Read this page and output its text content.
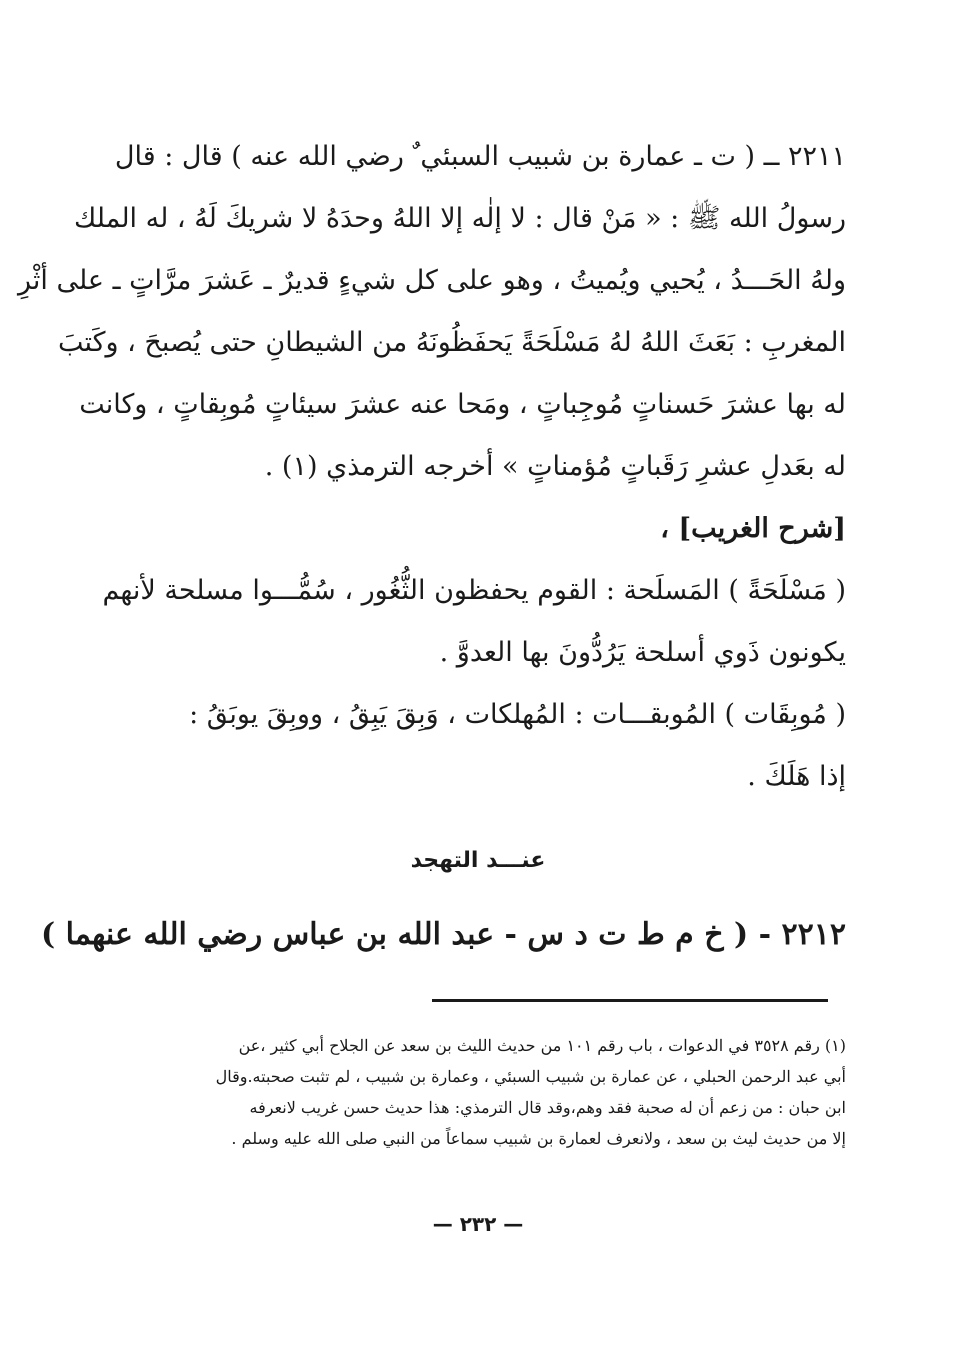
٢٢١١ ــ ( ت ـ عمارة بن شبيب السبئي ٌ رضي الله عنه ) قال : قال
رسولُ الله ﷺ : « مَنْ قال : لا إلٰه إلا اللهُ وحدَهُ لا شريكَ لَهُ ، له الملك
ولهُ الحَـــدُ ، يُحيي ويُميتُ ، وهو على كل شيءٍ قديرٌ ـ عَشرَ مرَّاتٍ ـ على أثْرِ
المغربِ : بَعَثَ اللهُ لهُ مَسْلَحَةً يَحفَظُونَهُ من الشيطانِ حتى يُصبحَ ، وكَتبَ
له بها عشرَ حَسناتٍ مُوجِباتٍ ، ومَحا عنه عشرَ سيئاتٍ مُوبِقاتٍ ، وكانت
له بعَدلِ عشرِ رَقَباتٍ مُؤمناتٍ » أخرجه الترمذي (١) .
[شرح الغريب] ،
( مَسْلَحَةً ) المَسلَحة : القوم يحفظون الثُّغُور ، سُمُّـــوا مسلحة لأنهم
يكونون ذَوي أسلحة يَرُدُّونَ بها العدوَّ .
( مُوبِقَات ) المُوبقـــات : المُهلكات ، وَبِقَ يَبِقُ ، ووبِقَ يوبَقُ :
إذا هَلَكَ .
عنـــد التهجد
٢٢١٢ - ( خ م ط ت د س - عبد الله بن عباس رضي الله عنهما )
(١) رقم ٣٥٢٨ في الدعوات ، باب رقم ١٠١ من حديث الليث بن سعد عن الجلاح أبي كثير ،عن
أبي عبد الرحمن الحبلي ، عن عمارة بن شبيب السبئي ، وعمارة بن شبيب ، لم تثبت صحبته.وقال
ابن حبان : من زعم أن له صحبة فقد وهم،وقد قال الترمذي: هذا حديث حسن غريب لانعرفه
إلا من حديث ليث بن سعد ، ولانعرف لعمارة بن شبيب سماعاً من النبي صلى الله عليه وسلم .
— ٢٣٢ —
